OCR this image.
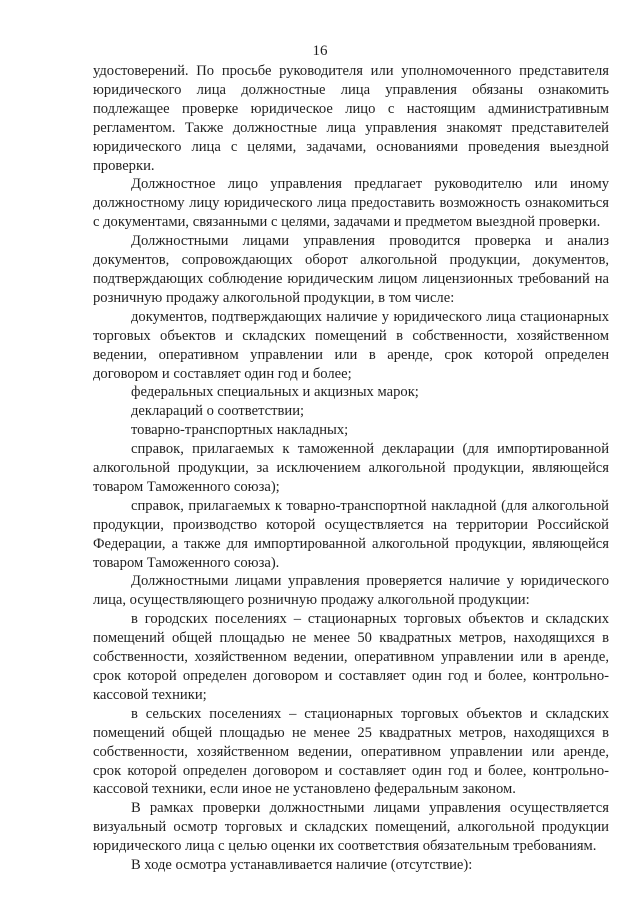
16

удостоверений. По просьбе руководителя или уполномоченного представителя юридического лица должностные лица управления обязаны ознакомить подлежащее проверке юридическое лицо с настоящим административным регламентом. Также должностные лица управления знакомят представителей юридического лица с целями, задачами, основаниями проведения выездной проверки.

Должностное лицо управления предлагает руководителю или иному должностному лицу юридического лица предоставить возможность ознакомиться с документами, связанными с целями, задачами и предметом выездной проверки.

Должностными лицами управления проводится проверка и анализ документов, сопровождающих оборот алкогольной продукции, документов, подтверждающих соблюдение юридическим лицом лицензионных требований на розничную продажу алкогольной продукции, в том числе:

документов, подтверждающих наличие у юридического лица стационарных торговых объектов и складских помещений в собственности, хозяйственном ведении, оперативном управлении или в аренде, срок которой определен договором и составляет один год и более;

федеральных специальных и акцизных марок;

деклараций о соответствии;

товарно-транспортных накладных;

справок, прилагаемых к таможенной декларации (для импортированной алкогольной продукции, за исключением алкогольной продукции, являющейся товаром Таможенного союза);

справок, прилагаемых к товарно-транспортной накладной (для алкогольной продукции, производство которой осуществляется на территории Российской Федерации, а также для импортированной алкогольной продукции, являющейся товаром Таможенного союза).

Должностными лицами управления проверяется наличие у юридического лица, осуществляющего розничную продажу алкогольной продукции:

в городских поселениях – стационарных торговых объектов и складских помещений общей площадью не менее 50 квадратных метров, находящихся в собственности, хозяйственном ведении, оперативном управлении или в аренде, срок которой определен договором и составляет один год и более, контрольно-кассовой техники;

в сельских поселениях – стационарных торговых объектов и складских помещений общей площадью не менее 25 квадратных метров, находящихся в собственности, хозяйственном ведении, оперативном управлении или аренде, срок которой определен договором и составляет один год и более, контрольно-кассовой техники, если иное не установлено федеральным законом.

В рамках проверки должностными лицами управления осуществляется визуальный осмотр торговых и складских помещений, алкогольной продукции юридического лица с целью оценки их соответствия обязательным требованиям.

В ходе осмотра устанавливается наличие (отсутствие):
